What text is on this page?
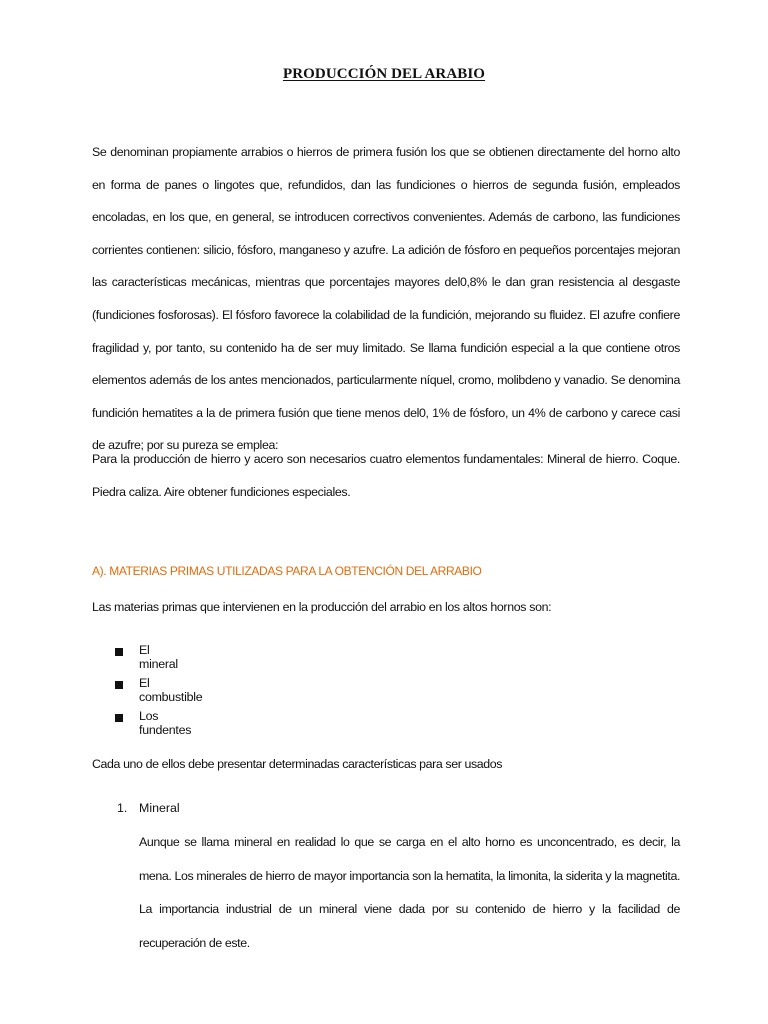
PRODUCCIÓN DEL ARABIO
Se denominan propiamente arrabios o hierros de primera fusión los que se obtienen directamente del horno alto en forma de panes o lingotes que, refundidos, dan las fundiciones o hierros de segunda fusión, empleados encoladas, en los que, en general, se introducen correctivos convenientes. Además de carbono, las fundiciones corrientes contienen: silicio, fósforo, manganeso y azufre. La adición de fósforo en pequeños porcentajes mejoran las características mecánicas, mientras que porcentajes mayores del0,8% le dan gran resistencia al desgaste (fundiciones fosforosas). El fósforo favorece la colabilidad de la fundición, mejorando su fluidez. El azufre confiere fragilidad y, por tanto, su contenido ha de ser muy limitado. Se llama fundición especial a la que contiene otros elementos además de los antes mencionados, particularmente níquel, cromo, molibdeno y vanadio. Se denomina fundición hematites a la de primera fusión que tiene menos del0, 1% de fósforo, un 4% de carbono y carece casi de azufre; por su pureza se emplea:
Para la producción de hierro y acero son necesarios cuatro elementos fundamentales: Mineral de hierro. Coque. Piedra caliza. Aire obtener fundiciones especiales.
A). MATERIAS PRIMAS UTILIZADAS PARA LA OBTENCIÓN DEL ARRABIO
Las materias primas que intervienen en la producción del arrabio en los altos hornos son:
El mineral
El combustible
Los fundentes
Cada uno de ellos debe presentar determinadas características para ser usados
1. Mineral
Aunque se llama mineral en realidad lo que se carga en el alto horno es unconcentrado, es decir, la mena. Los minerales de hierro de mayor importancia son la hematita, la limonita, la siderita y la magnetita. La importancia industrial de un mineral viene dada por su contenido de hierro y la facilidad de recuperación de este.
